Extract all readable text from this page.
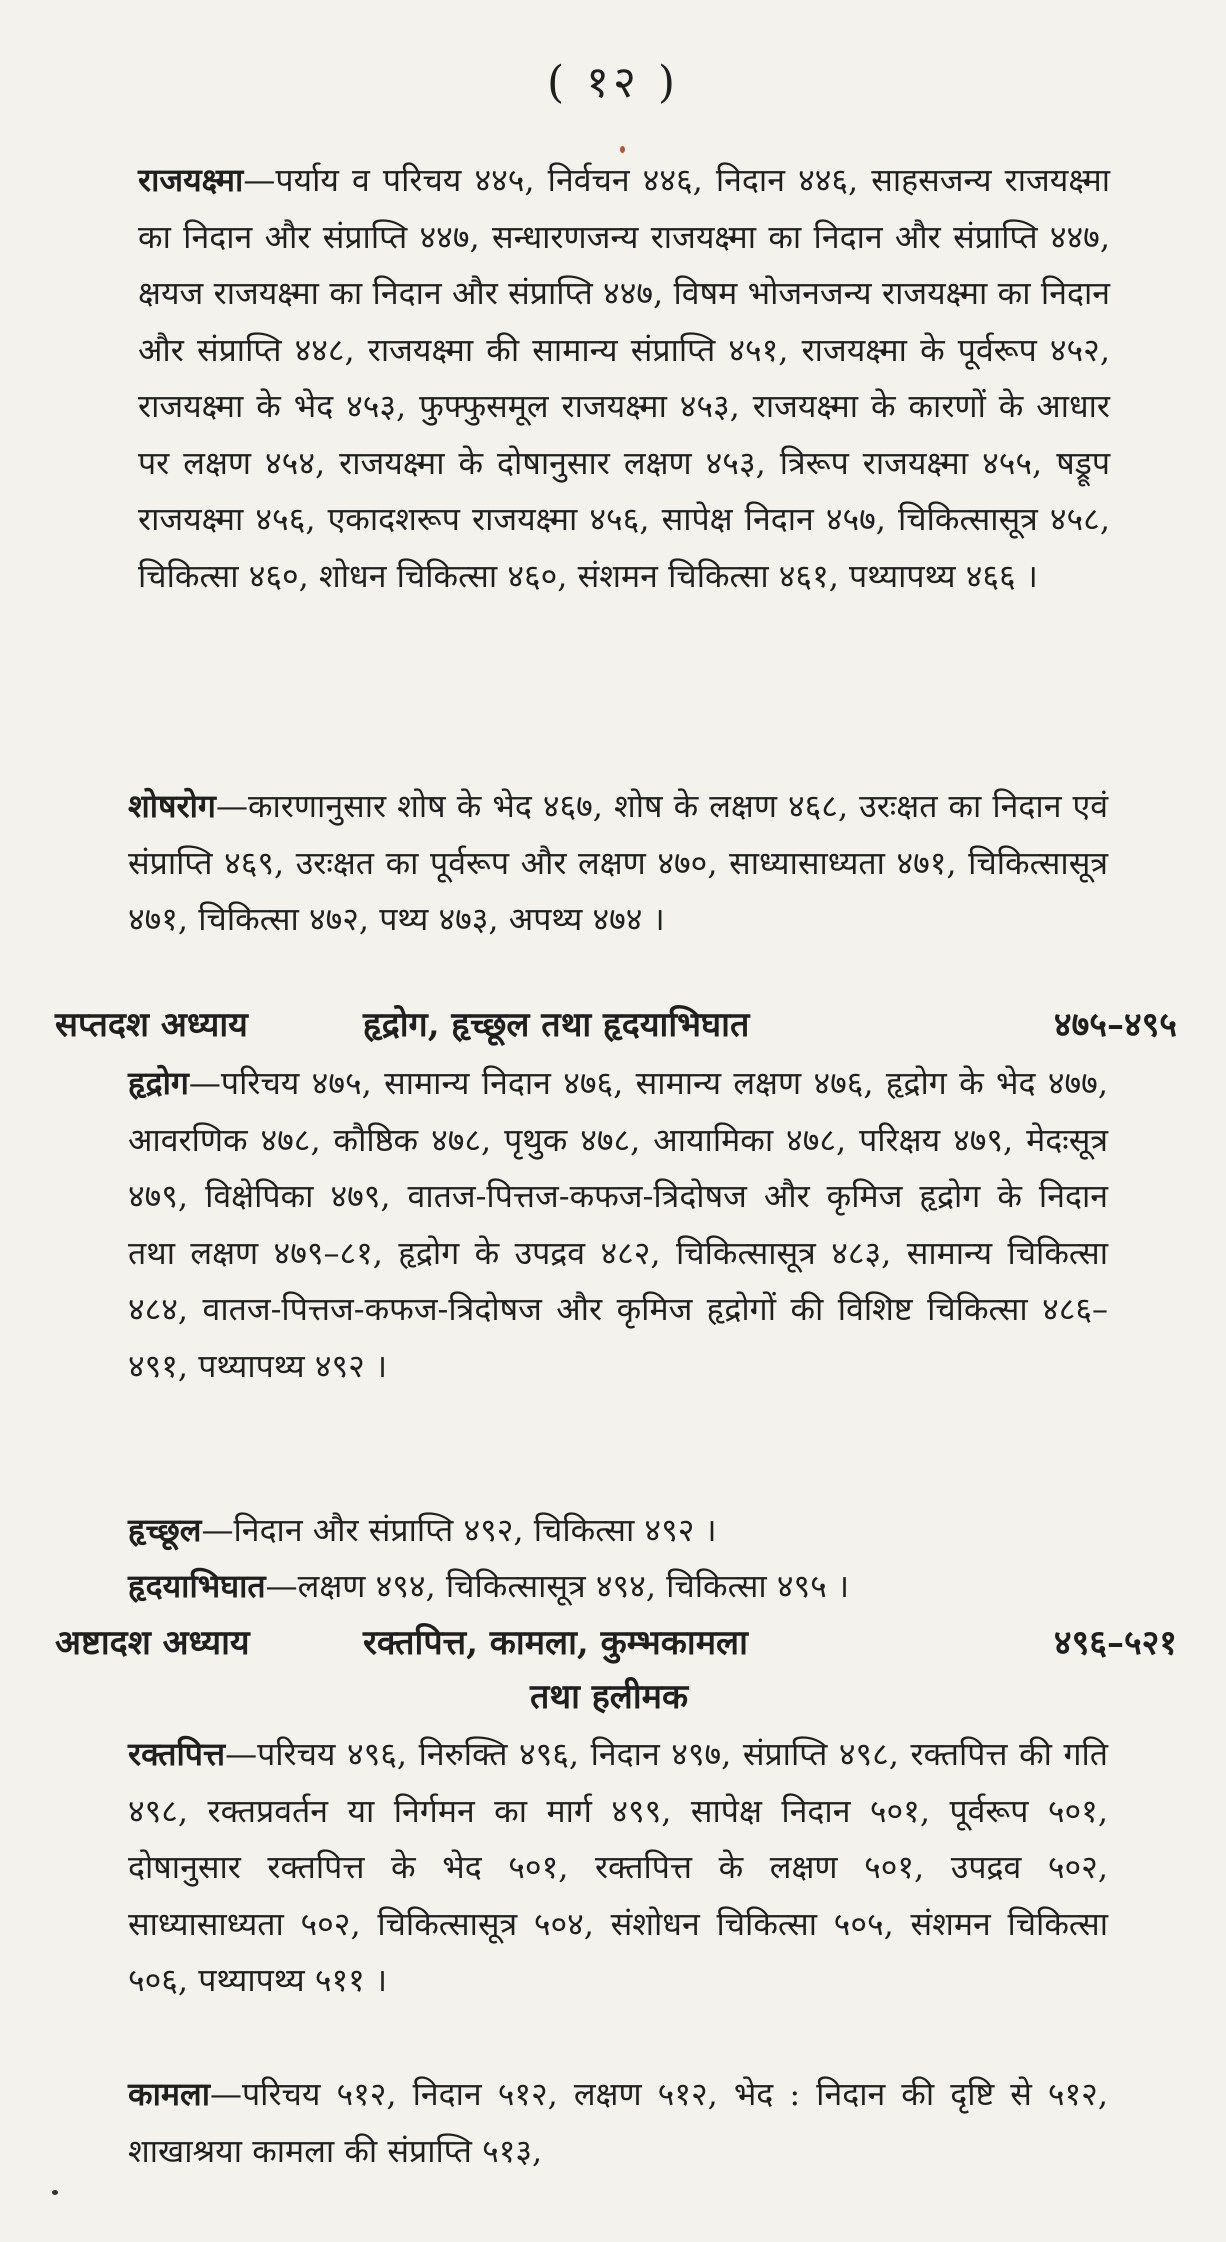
( १२ )
राजयक्ष्मा—पर्याय व परिचय ४४५, निर्वचन ४४६, निदान ४४६, साहसजन्य राजयक्ष्मा का निदान और संप्राप्ति ४४७, सन्धारणजन्य राजयक्ष्मा का निदान और संप्राप्ति ४४७, क्षयज राजयक्ष्मा का निदान और संप्राप्ति ४४७, विषम भोजनजन्य राजयक्ष्मा का निदान और संप्राप्ति ४४८, राजयक्ष्मा की सामान्य संप्राप्ति ४५१, राजयक्ष्मा के पूर्वरूप ४५२, राजयक्ष्मा के भेद ४५३, फुफ्फुसमूल राजयक्ष्मा ४५३, राजयक्ष्मा के कारणों के आधार पर लक्षण ४५४, राजयक्ष्मा के दोषानुसार लक्षण ४५३, त्रिरूप राजयक्ष्मा ४५५, षड्रूप राजयक्ष्मा ४५६, एकादशरूप राजयक्ष्मा ४५६, सापेक्ष निदान ४५७, चिकित्सासूत्र ४५८, चिकित्सा ४६०, शोधन चिकित्सा ४६०, संशमन चिकित्सा ४६१, पथ्यापथ्य ४६६ ।
शोषरोग—कारणानुसार शोष के भेद ४६७, शोष के लक्षण ४६८, उरःक्षत का निदान एवं संप्राप्ति ४६९, उरःक्षत का पूर्वरूप और लक्षण ४७०, साध्यासाध्यता ४७१, चिकित्सासूत्र ४७१, चिकित्सा ४७२, पथ्य ४७३, अपथ्य ४७४ ।
सप्तदश अध्याय	हृद्रोग, हृच्छूल तथा हृदयाभिघात	४७५–४९५
हृद्रोग—परिचय ४७५, सामान्य निदान ४७६, सामान्य लक्षण ४७६, हृद्रोग के भेद ४७७, आवरणिक ४७८, कौष्ठिक ४७८, पृथुक ४७८, आयामिका ४७८, परिक्षय ४७९, मेदःसूत्र ४७९, विक्षेपिका ४७९, वातज-पित्तज-कफज-त्रिदोषज और कृमिज हृद्रोग के निदान तथा लक्षण ४७९–८१, हृद्रोग के उपद्रव ४८२, चिकित्सासूत्र ४८३, सामान्य चिकित्सा ४८४, वातज-पित्तज-कफज-त्रिदोषज और कृमिज हृद्रोगों की विशिष्ट चिकित्सा ४८६–४९१, पथ्यापथ्य ४९२ ।
हृच्छूल—निदान और संप्राप्ति ४९२, चिकित्सा ४९२ ।
हृदयाभिघात—लक्षण ४९४, चिकित्सासूत्र ४९४, चिकित्सा ४९५ ।
अष्टादश अध्याय	रक्तपित्त, कामला, कुम्भकामला	४९६–५२१
तथा हलीमक
रक्तपित्त—परिचय ४९६, निरुक्ति ४९६, निदान ४९७, संप्राप्ति ४९८, रक्तपित्त की गति ४९८, रक्तप्रवर्तन या निर्गमन का मार्ग ४९९, सापेक्ष निदान ५०१, पूर्वरूप ५०१, दोषानुसार रक्तपित्त के भेद ५०१, रक्तपित्त के लक्षण ५०१, उपद्रव ५०२, साध्यासाध्यता ५०२, चिकित्सासूत्र ५०४, संशोधन चिकित्सा ५०५, संशमन चिकित्सा ५०६, पथ्यापथ्य ५११ ।
कामला—परिचय ५१२, निदान ५१२, लक्षण ५१२, भेद : निदान की दृष्टि से ५१२, शाखाश्रया कामला की संप्राप्ति ५१३,
